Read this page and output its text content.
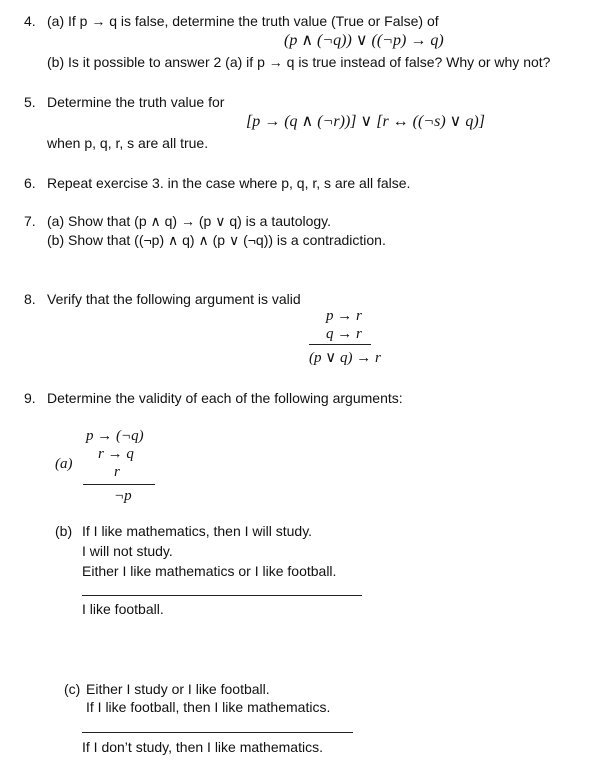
4. (a) If p → q is false, determine the truth value (True or False) of
(p ∧ (¬q)) ∨ ((¬p) → q)
(b) Is it possible to answer 2 (a) if p → q is true instead of false? Why or why not?
5. Determine the truth value for
[p → (q ∧ (¬r))] ∨ [r ↔ ((¬s) ∨ q)]
when p, q, r, s are all true.
6. Repeat exercise 3. in the case where p, q, r, s are all false.
7. (a) Show that (p ∧ q) → (p ∨ q) is a tautology.
(b) Show that ((¬p) ∧ q) ∧ (p ∨ (¬q)) is a contradiction.
8. Verify that the following argument is valid
p → r
q → r
(p ∨ q) → r
9. Determine the validity of each of the following arguments:
p → (¬q)
r → q
(a)	r
¬p
(b) If I like mathematics, then I will study.
I will not study.
Either I like mathematics or I like football.
I like football.
(c) Either I study or I like football.
If I like football, then I like mathematics.
If I don’t study, then I like mathematics.
